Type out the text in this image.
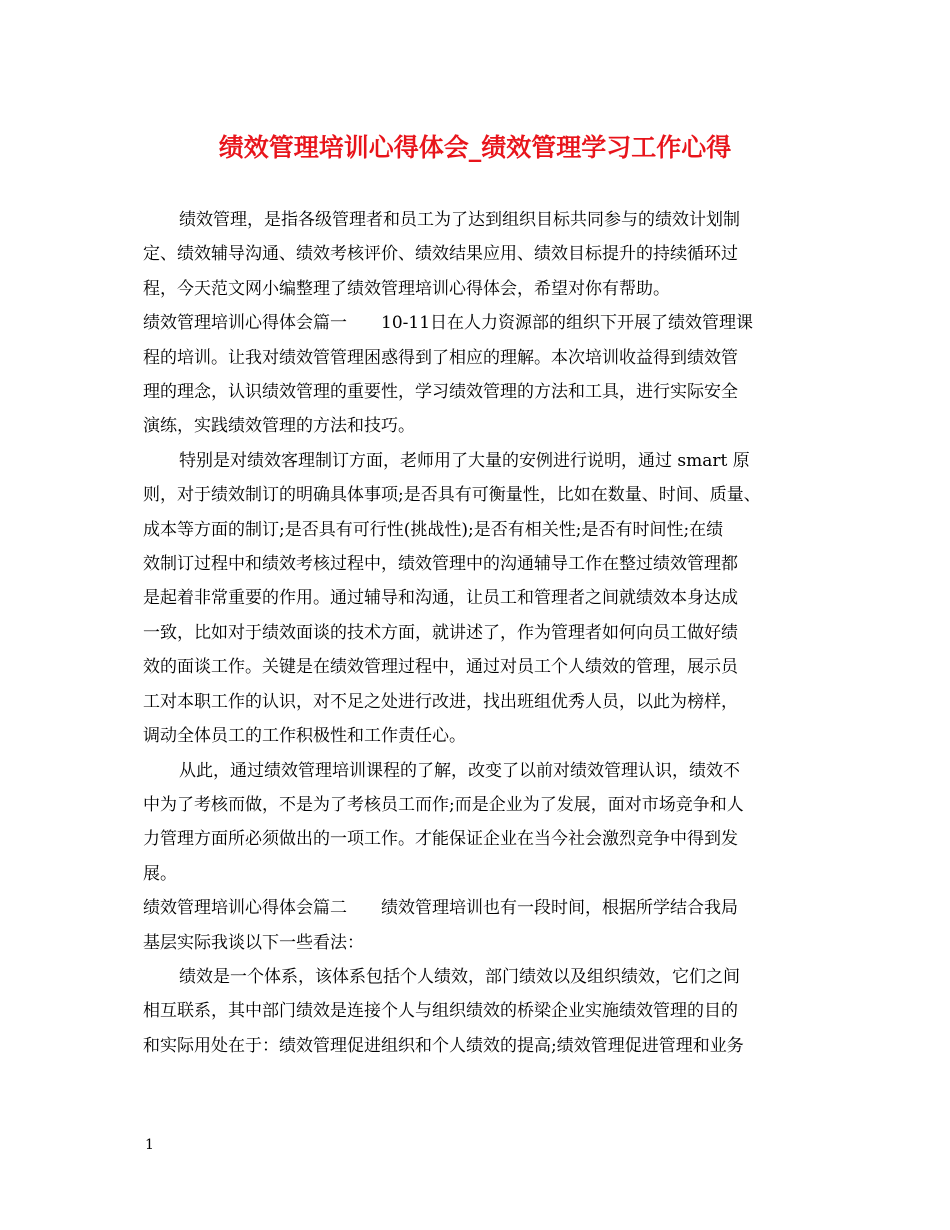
绩效管理培训心得体会_绩效管理学习工作心得
绩效管理，是指各级管理者和员工为了达到组织目标共同参与的绩效计划制
定、绩效辅导沟通、绩效考核评价、绩效结果应用、绩效目标提升的持续循环过
程，今天范文网小编整理了绩效管理培训心得体会，希望对你有帮助。
绩效管理培训心得体会篇一 10-11日在人力资源部的组织下开展了绩效管理课
程的培训。让我对绩效管管理困惑得到了相应的理解。本次培训收益得到绩效管
理的理念，认识绩效管理的重要性，学习绩效管理的方法和工具，进行实际安全
演练，实践绩效管理的方法和技巧。
特别是对绩效客理制订方面，老师用了大量的安例进行说明，通过 smart 原
则，对于绩效制订的明确具体事项;是否具有可衡量性，比如在数量、时间、质量、
成本等方面的制订;是否具有可行性(挑战性);是否有相关性;是否有时间性;在绩
效制订过程中和绩效考核过程中，绩效管理中的沟通辅导工作在整过绩效管理都
是起着非常重要的作用。通过辅导和沟通，让员工和管理者之间就绩效本身达成
一致，比如对于绩效面谈的技术方面，就讲述了，作为管理者如何向员工做好绩
效的面谈工作。关键是在绩效管理过程中，通过对员工个人绩效的管理，展示员
工对本职工作的认识，对不足之处进行改进，找出班组优秀人员，以此为榜样，
调动全体员工的工作积极性和工作责任心。
从此，通过绩效管理培训课程的了解，改变了以前对绩效管理认识，绩效不
中为了考核而做，不是为了考核员工而作;而是企业为了发展，面对市场竞争和人
力管理方面所必须做出的一项工作。才能保证企业在当今社会激烈竞争中得到发
展。
绩效管理培训心得体会篇二 绩效管理培训也有一段时间，根据所学结合我局
基层实际我谈以下一些看法：
绩效是一个体系，该体系包括个人绩效，部门绩效以及组织绩效，它们之间
相互联系，其中部门绩效是连接个人与组织绩效的桥梁企业实施绩效管理的目的
和实际用处在于：绩效管理促进组织和个人绩效的提高;绩效管理促进管理和业务
1
